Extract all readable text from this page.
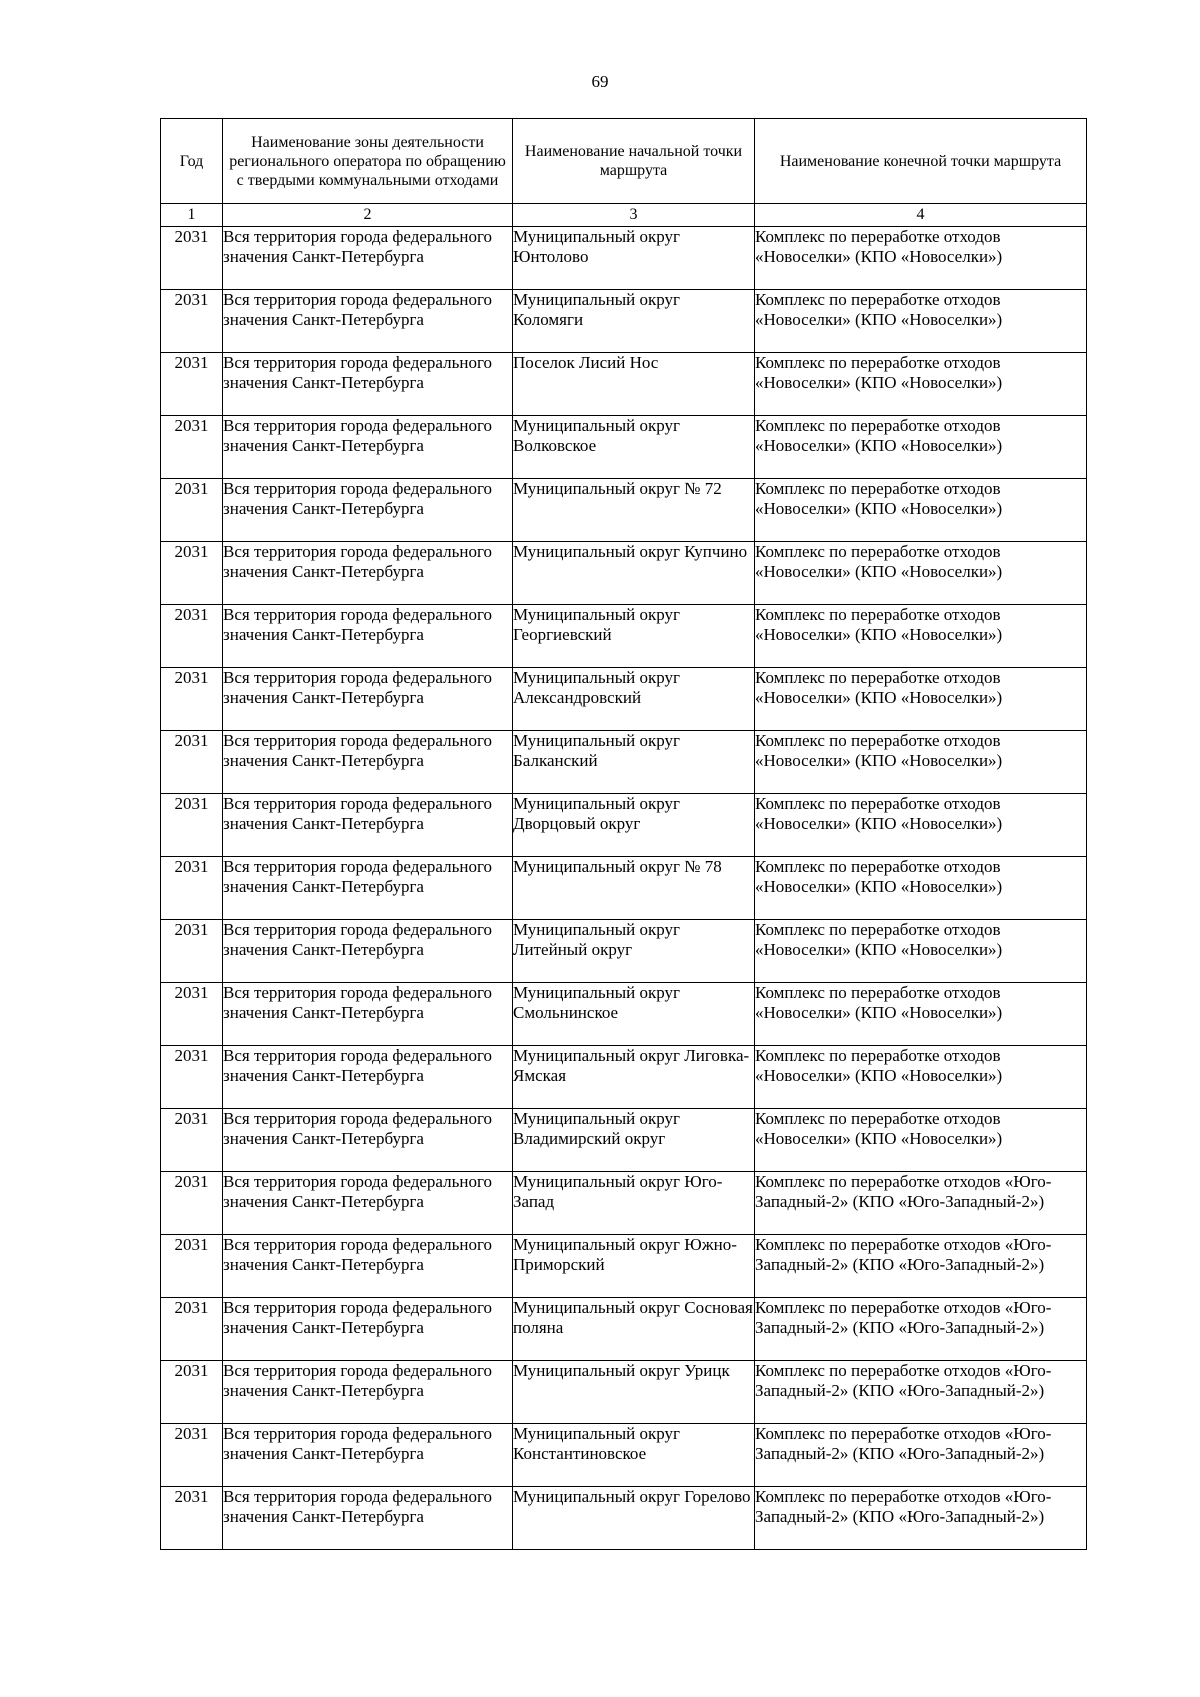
69
Год	Наименование зоны деятельности регионального оператора по обращению с твердыми коммунальными отходами	Наименование начальной точки маршрута	Наименование конечной точки маршрута
1	2	3	4
2031	Вся территория города федерального значения Санкт-Петербурга	Муниципальный округ Юнтолово	Комплекс по переработке отходов «Новоселки» (КПО «Новоселки»)
2031	Вся территория города федерального значения Санкт-Петербурга	Муниципальный округ Коломяги	Комплекс по переработке отходов «Новоселки» (КПО «Новоселки»)
2031	Вся территория города федерального значения Санкт-Петербурга	Поселок Лисий Нос	Комплекс по переработке отходов «Новоселки» (КПО «Новоселки»)
2031	Вся территория города федерального значения Санкт-Петербурга	Муниципальный округ Волковское	Комплекс по переработке отходов «Новоселки» (КПО «Новоселки»)
2031	Вся территория города федерального значения Санкт-Петербурга	Муниципальный округ № 72	Комплекс по переработке отходов «Новоселки» (КПО «Новоселки»)
2031	Вся территория города федерального значения Санкт-Петербурга	Муниципальный округ Купчино	Комплекс по переработке отходов «Новоселки» (КПО «Новоселки»)
2031	Вся территория города федерального значения Санкт-Петербурга	Муниципальный округ Георгиевский	Комплекс по переработке отходов «Новоселки» (КПО «Новоселки»)
2031	Вся территория города федерального значения Санкт-Петербурга	Муниципальный округ Александровский	Комплекс по переработке отходов «Новоселки» (КПО «Новоселки»)
2031	Вся территория города федерального значения Санкт-Петербурга	Муниципальный округ Балканский	Комплекс по переработке отходов «Новоселки» (КПО «Новоселки»)
2031	Вся территория города федерального значения Санкт-Петербурга	Муниципальный округ Дворцовый округ	Комплекс по переработке отходов «Новоселки» (КПО «Новоселки»)
2031	Вся территория города федерального значения Санкт-Петербурга	Муниципальный округ № 78	Комплекс по переработке отходов «Новоселки» (КПО «Новоселки»)
2031	Вся территория города федерального значения Санкт-Петербурга	Муниципальный округ Литейный округ	Комплекс по переработке отходов «Новоселки» (КПО «Новоселки»)
2031	Вся территория города федерального значения Санкт-Петербурга	Муниципальный округ Смольнинское	Комплекс по переработке отходов «Новоселки» (КПО «Новоселки»)
2031	Вся территория города федерального значения Санкт-Петербурга	Муниципальный округ Лиговка-Ямская	Комплекс по переработке отходов «Новоселки» (КПО «Новоселки»)
2031	Вся территория города федерального значения Санкт-Петербурга	Муниципальный округ Владимирский округ	Комплекс по переработке отходов «Новоселки» (КПО «Новоселки»)
2031	Вся территория города федерального значения Санкт-Петербурга	Муниципальный округ Юго-Запад	Комплекс по переработке отходов «Юго-Западный-2» (КПО «Юго-Западный-2»)
2031	Вся территория города федерального значения Санкт-Петербурга	Муниципальный округ Южно-Приморский	Комплекс по переработке отходов «Юго-Западный-2» (КПО «Юго-Западный-2»)
2031	Вся территория города федерального значения Санкт-Петербурга	Муниципальный округ Сосновая поляна	Комплекс по переработке отходов «Юго-Западный-2» (КПО «Юго-Западный-2»)
2031	Вся территория города федерального значения Санкт-Петербурга	Муниципальный округ Урицк	Комплекс по переработке отходов «Юго-Западный-2» (КПО «Юго-Западный-2»)
2031	Вся территория города федерального значения Санкт-Петербурга	Муниципальный округ Константиновское	Комплекс по переработке отходов «Юго-Западный-2» (КПО «Юго-Западный-2»)
2031	Вся территория города федерального значения Санкт-Петербурга	Муниципальный округ Горелово	Комплекс по переработке отходов «Юго-Западный-2» (КПО «Юго-Западный-2»)
